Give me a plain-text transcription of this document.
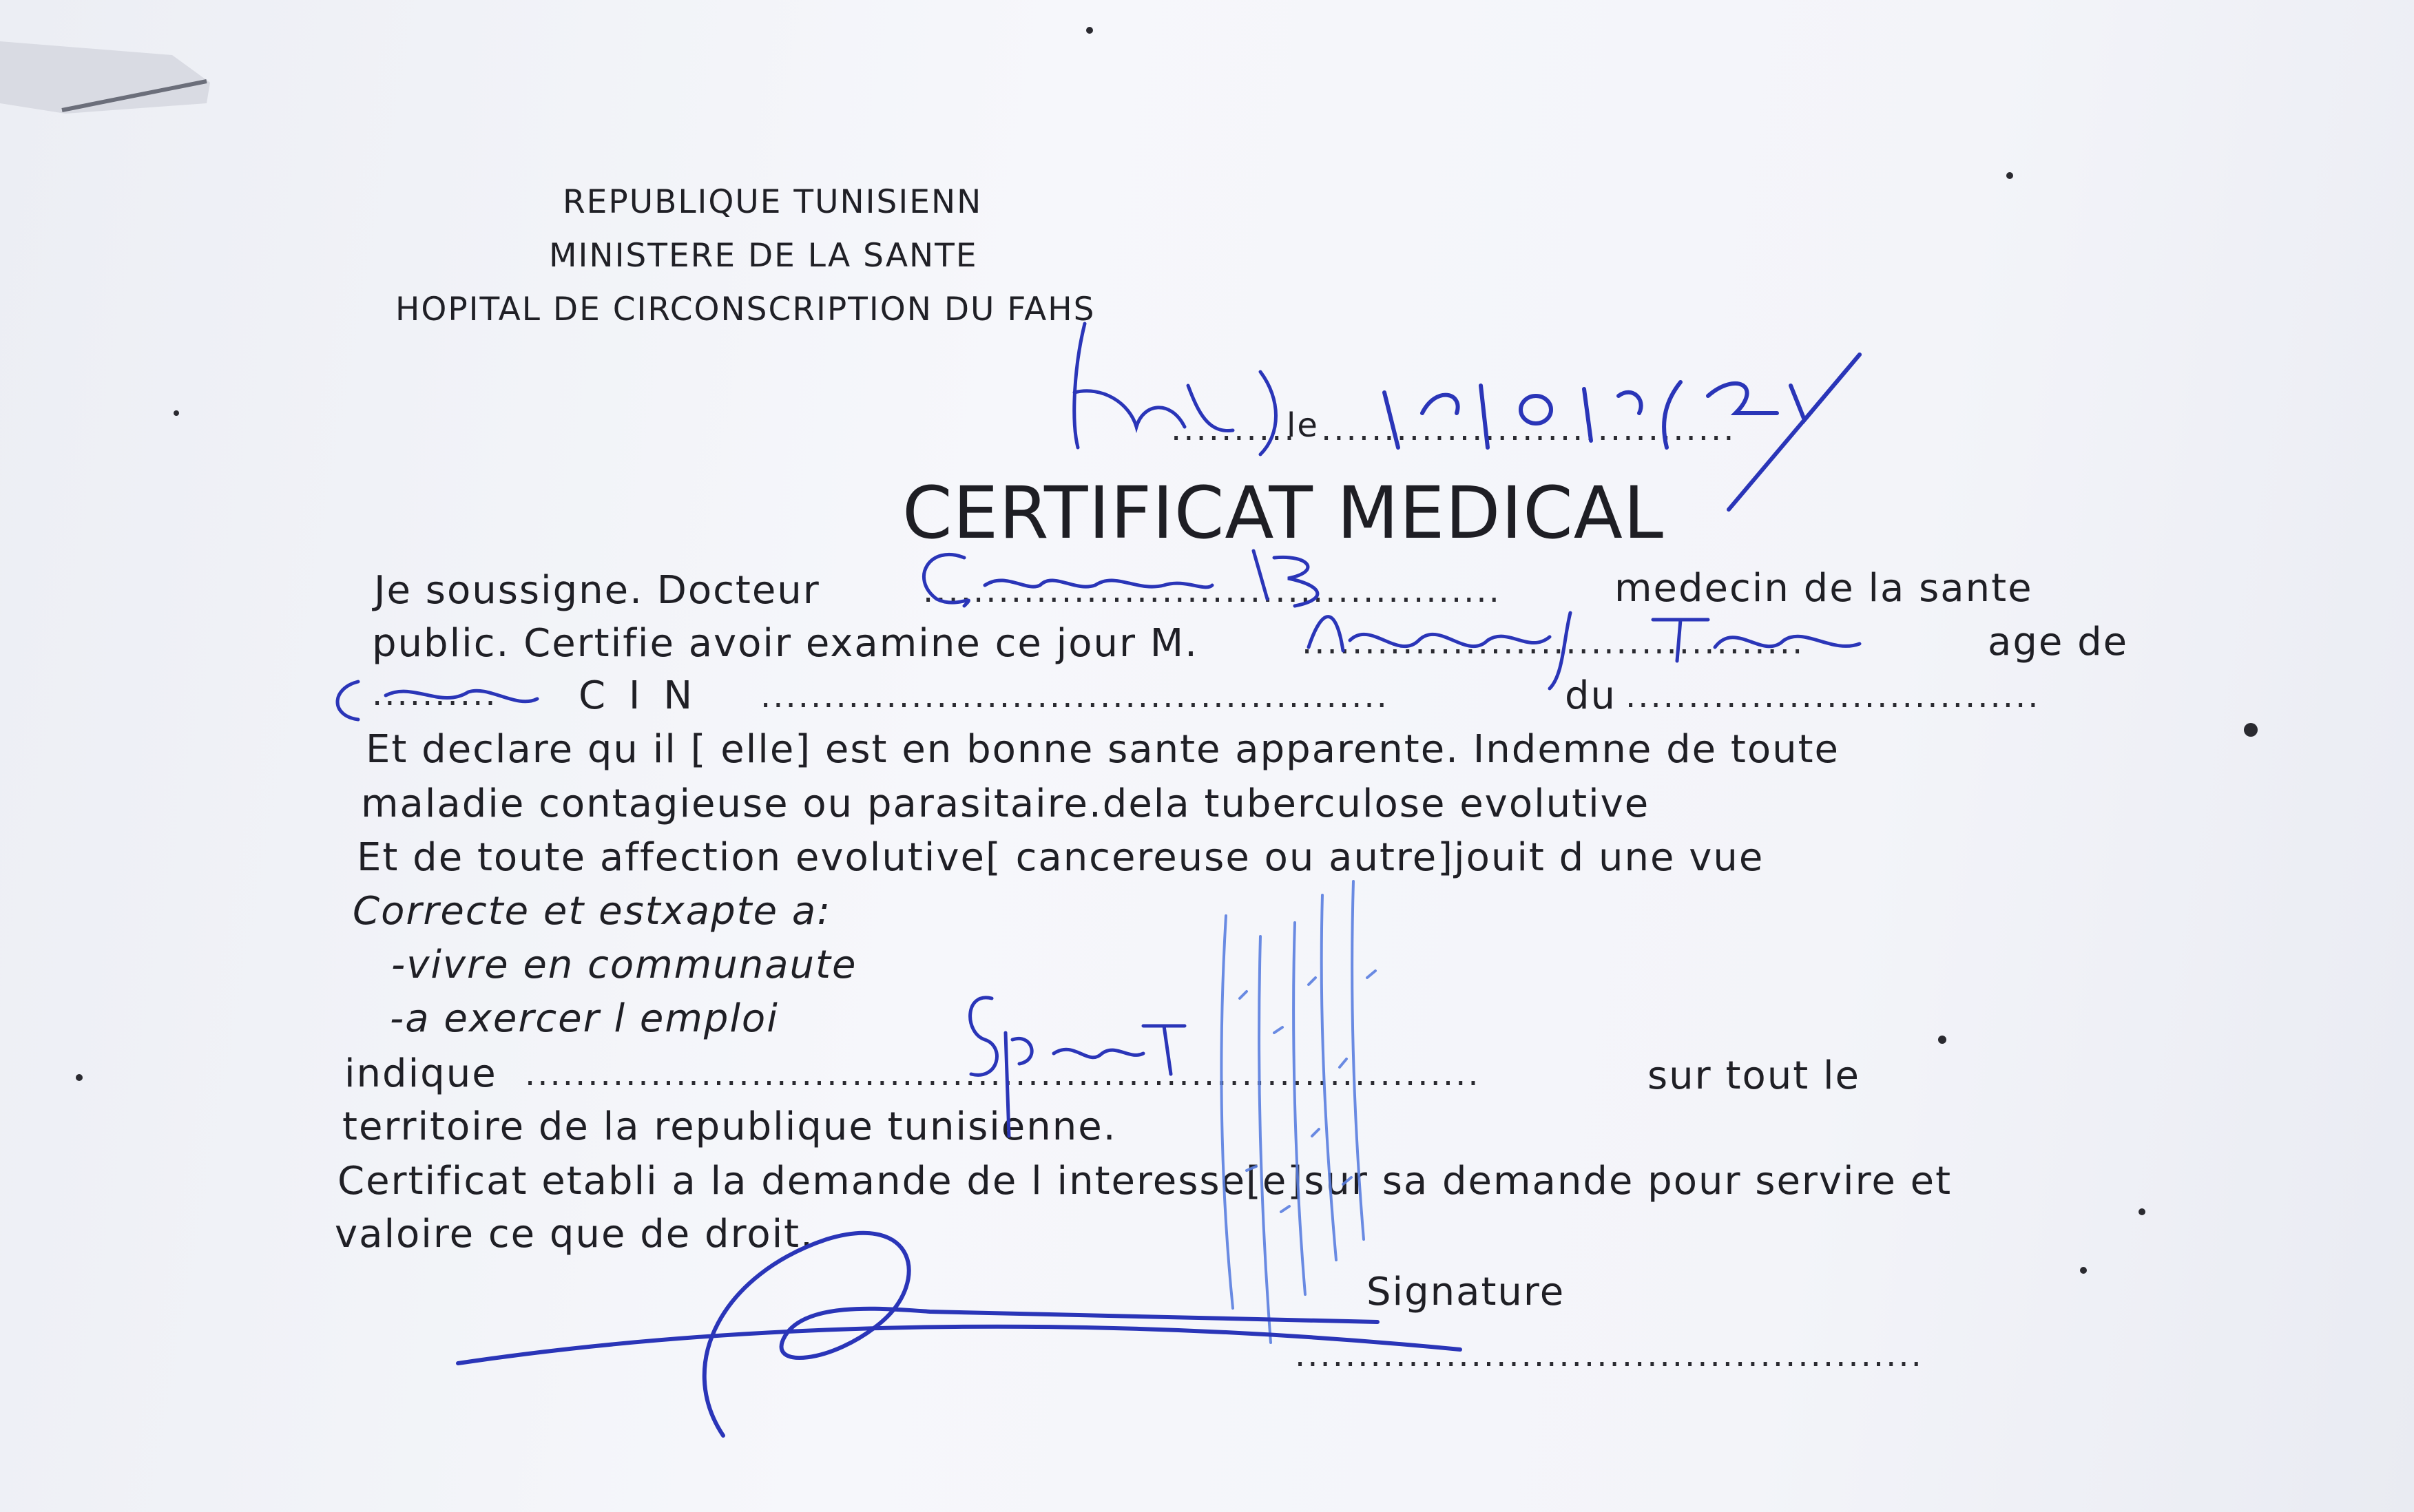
REPUBLIQUE TUNISIENN
MINISTERE DE LA SANTE
HOPITAL DE CIRCONSCRIPTION DU FAHS
..........
le .................................
CERTIFICAT MEDICAL
Je soussigne. Docteur	..............................................	medecin de la sante
public. Certifie avoir examine ce jour M.	........................................	age de
.......... C I N ..................................................	du .................................
Et declare qu il [ elle] est en bonne sante apparente. Indemne de toute
maladie contagieuse ou parasitaire.dela tuberculose evolutive
Et de toute affection evolutive[ cancereuse ou autre]jouit d une vue
Correcte et estxapte a:
-vivre en communaute
-a exercer l emploi
indique ............................................................................	sur tout le
territoire de la republique tunisienne.
Certificat etabli a la demande de l interesse[e]sur sa demande pour servire et
valoire ce que de droit.
Signature
..................................................
